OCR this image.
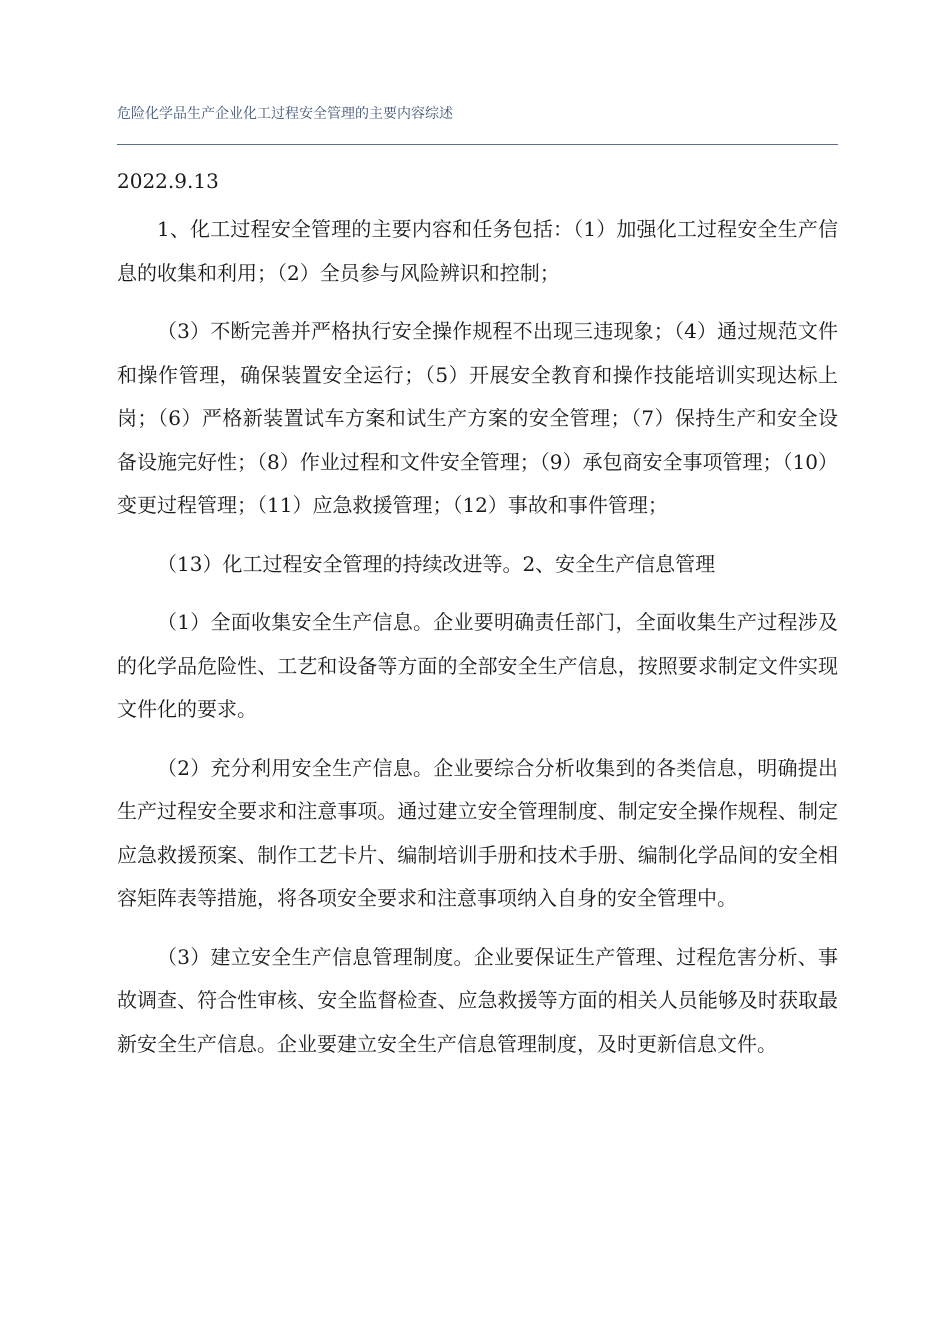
危险化学品生产企业化工过程安全管理的主要内容综述
2022.9.13

1、化工过程安全管理的主要内容和任务包括：（1）加强化工过程安全生产信息的收集和利用；（2）全员参与风险辨识和控制；

（3）不断完善并严格执行安全操作规程不出现三违现象；（4）通过规范文件和操作管理，确保装置安全运行；（5）开展安全教育和操作技能培训实现达标上岗；（6）严格新装置试车方案和试生产方案的安全管理；（7）保持生产和安全设备设施完好性；（8）作业过程和文件安全管理；（9）承包商安全事项管理；（10）变更过程管理；（11）应急救援管理；（12）事故和事件管理；

（13）化工过程安全管理的持续改进等。2、安全生产信息管理

（1）全面收集安全生产信息。企业要明确责任部门，全面收集生产过程涉及的化学品危险性、工艺和设备等方面的全部安全生产信息，按照要求制定文件实现文件化的要求。

（2）充分利用安全生产信息。企业要综合分析收集到的各类信息，明确提出生产过程安全要求和注意事项。通过建立安全管理制度、制定安全操作规程、制定应急救援预案、制作工艺卡片、编制培训手册和技术手册、编制化学品间的安全相容矩阵表等措施，将各项安全要求和注意事项纳入自身的安全管理中。

（3）建立安全生产信息管理制度。企业要保证生产管理、过程危害分析、事故调查、符合性审核、安全监督检查、应急救援等方面的相关人员能够及时获取最新安全生产信息。企业要建立安全生产信息管理制度，及时更新信息文件。
